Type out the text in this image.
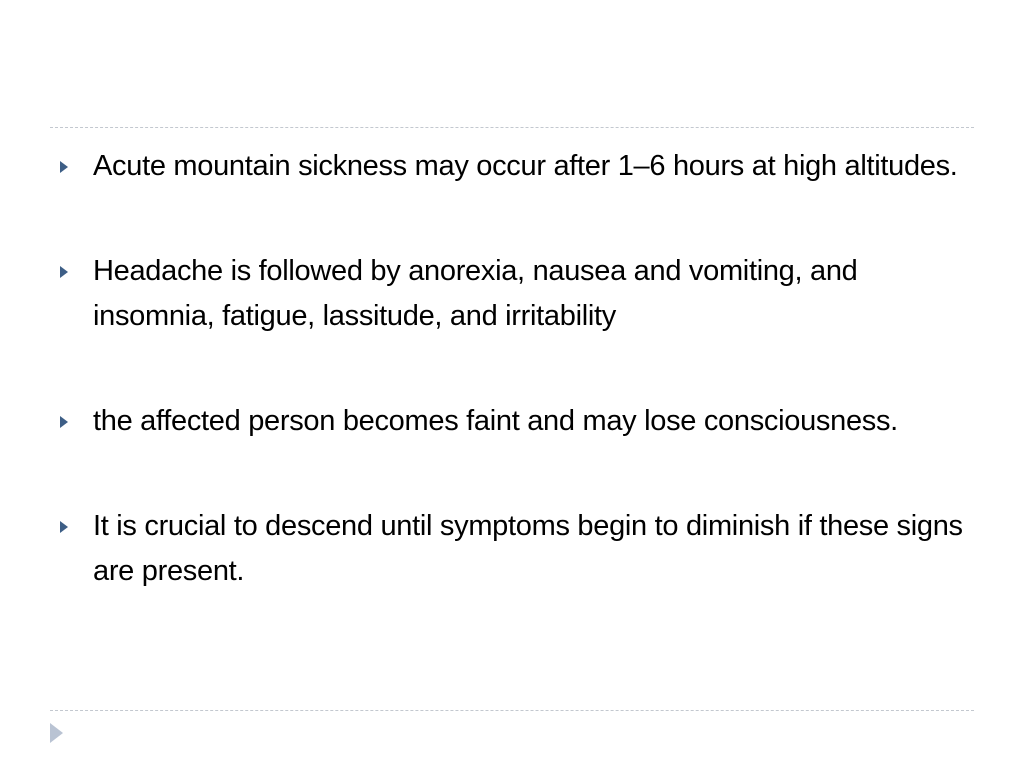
Acute mountain sickness may occur after 1–6 hours at high altitudes.
Headache is followed by anorexia, nausea and vomiting, and insomnia, fatigue, lassitude, and irritability
the affected person becomes faint and may lose consciousness.
It is crucial to descend until symptoms begin to diminish if these signs are present.
